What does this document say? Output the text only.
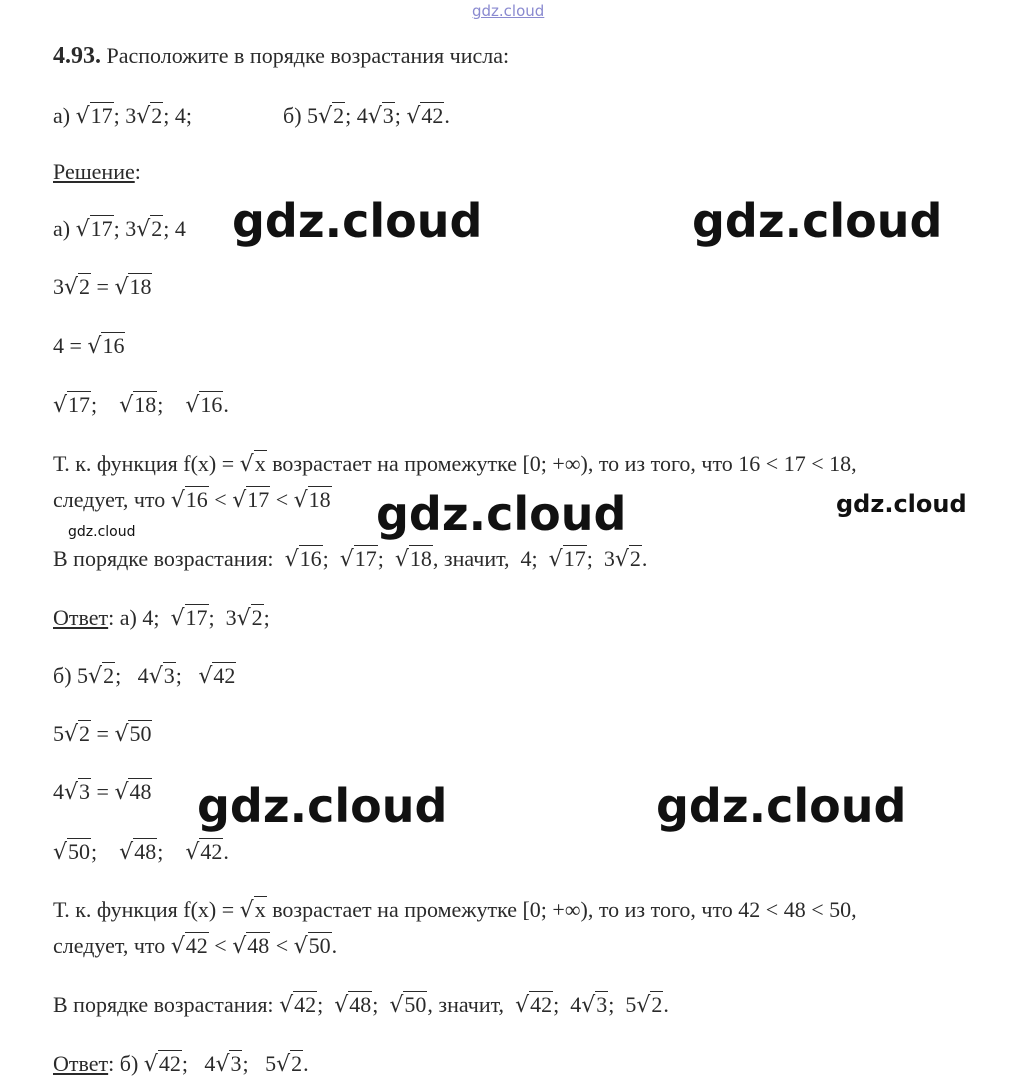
gdz.cloud
4.93. Расположите в порядке возрастания числа:
а) √17; 3√2; 4;	б) 5√2; 4√3; √42.
Решение:
а) √17; 3√2; 4
3√2 = √18
4 = √16
√17;    √18;    √16.
Т. к. функция f(x) = √x возрастает на промежутке [0; +∞), то из того, что 16 < 17 < 18,
следует, что √16 < √17 < √18
В порядке возрастания:  √16;  √17;  √18, значит,  4;  √17;  3√2.
Ответ: а) 4;  √17;  3√2;
б) 5√2;   4√3;   √42
5√2 = √50
4√3 = √48
√50;    √48;    √42.
Т. к. функция f(x) = √x возрастает на промежутке [0; +∞), то из того, что 42 < 48 < 50,
следует, что √42 < √48 < √50.
В порядке возрастания: √42;  √48;  √50, значит,  √42;  4√3;  5√2.
Ответ: б) √42;   4√3;   5√2.
gdz.cloud	gdz.cloud
gdz.cloud	gdz.cloud
gdz.cloud
gdz.cloud	gdz.cloud
